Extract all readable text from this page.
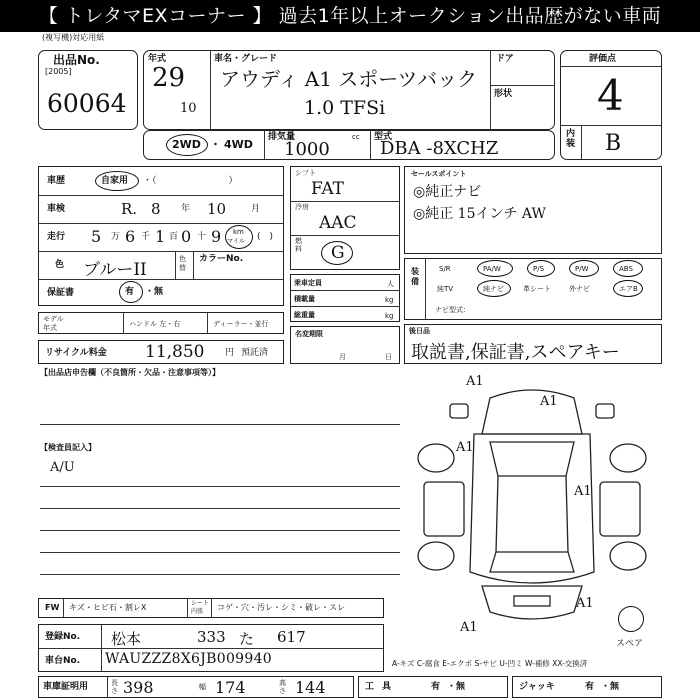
【 トレタマEXコーナー 】 過去1年以上オークション出品歴がない車両
(複写機)対応用紙
出品No.
[2005]
60064
年式
29
10
車名・グレード
アウディ A1 スポーツバック
1.0 TFSi
ドア
形状
評価点
4
内装 B
2WD ・ 4WD
排気量
1000
cc 型式
DBA -8XCHZ
車歴	自家用 ・（　　　　　　　　）
車検	R. 8 年 10	月
走行 5 万 6 千 1 百 0 十 9 km
マイル (　)
色 ブルーII
色替
カラーNo.
保証書	有 ・無
モデル
年式	ハンドル 左・右	ディーラー・並行
リサイクル料金 11,850 円 預託済
シフト
FAT
冷房
AAC
燃料 G
乗車定員	人
積載量	kg
総重量	kg
名変期限
月	日
セールスポイント
◎純正ナビ
◎純正 15インチ AW
装備
S/R	PA/W	P/S	P/W	ABS
純TV	純ナビ	革シート	外ナビ	エアB
ナビ型式：
後日品
取説書,保証書,スペアキー
【出品店申告欄（不良箇所・欠品・注意事項等）】
【検査員記入】
A/U
A1
A1
A1
A1
A1
A1
スペア
FW キズ・ヒビ石・割レX	シート内張	コゲ・穴・汚レ・シミ・破レ・スレ
登録No. 松本	333 た 617
車台No. WAUZZZ8X6JB009940	A-キズ C-腐食 E-エクボ S-サビ U-凹ミ W-補修 XX-交換済
車庫証明用	長さ 398	幅 174	高さ 144	工具	有 ・無	ジャッキ	有 ・無
